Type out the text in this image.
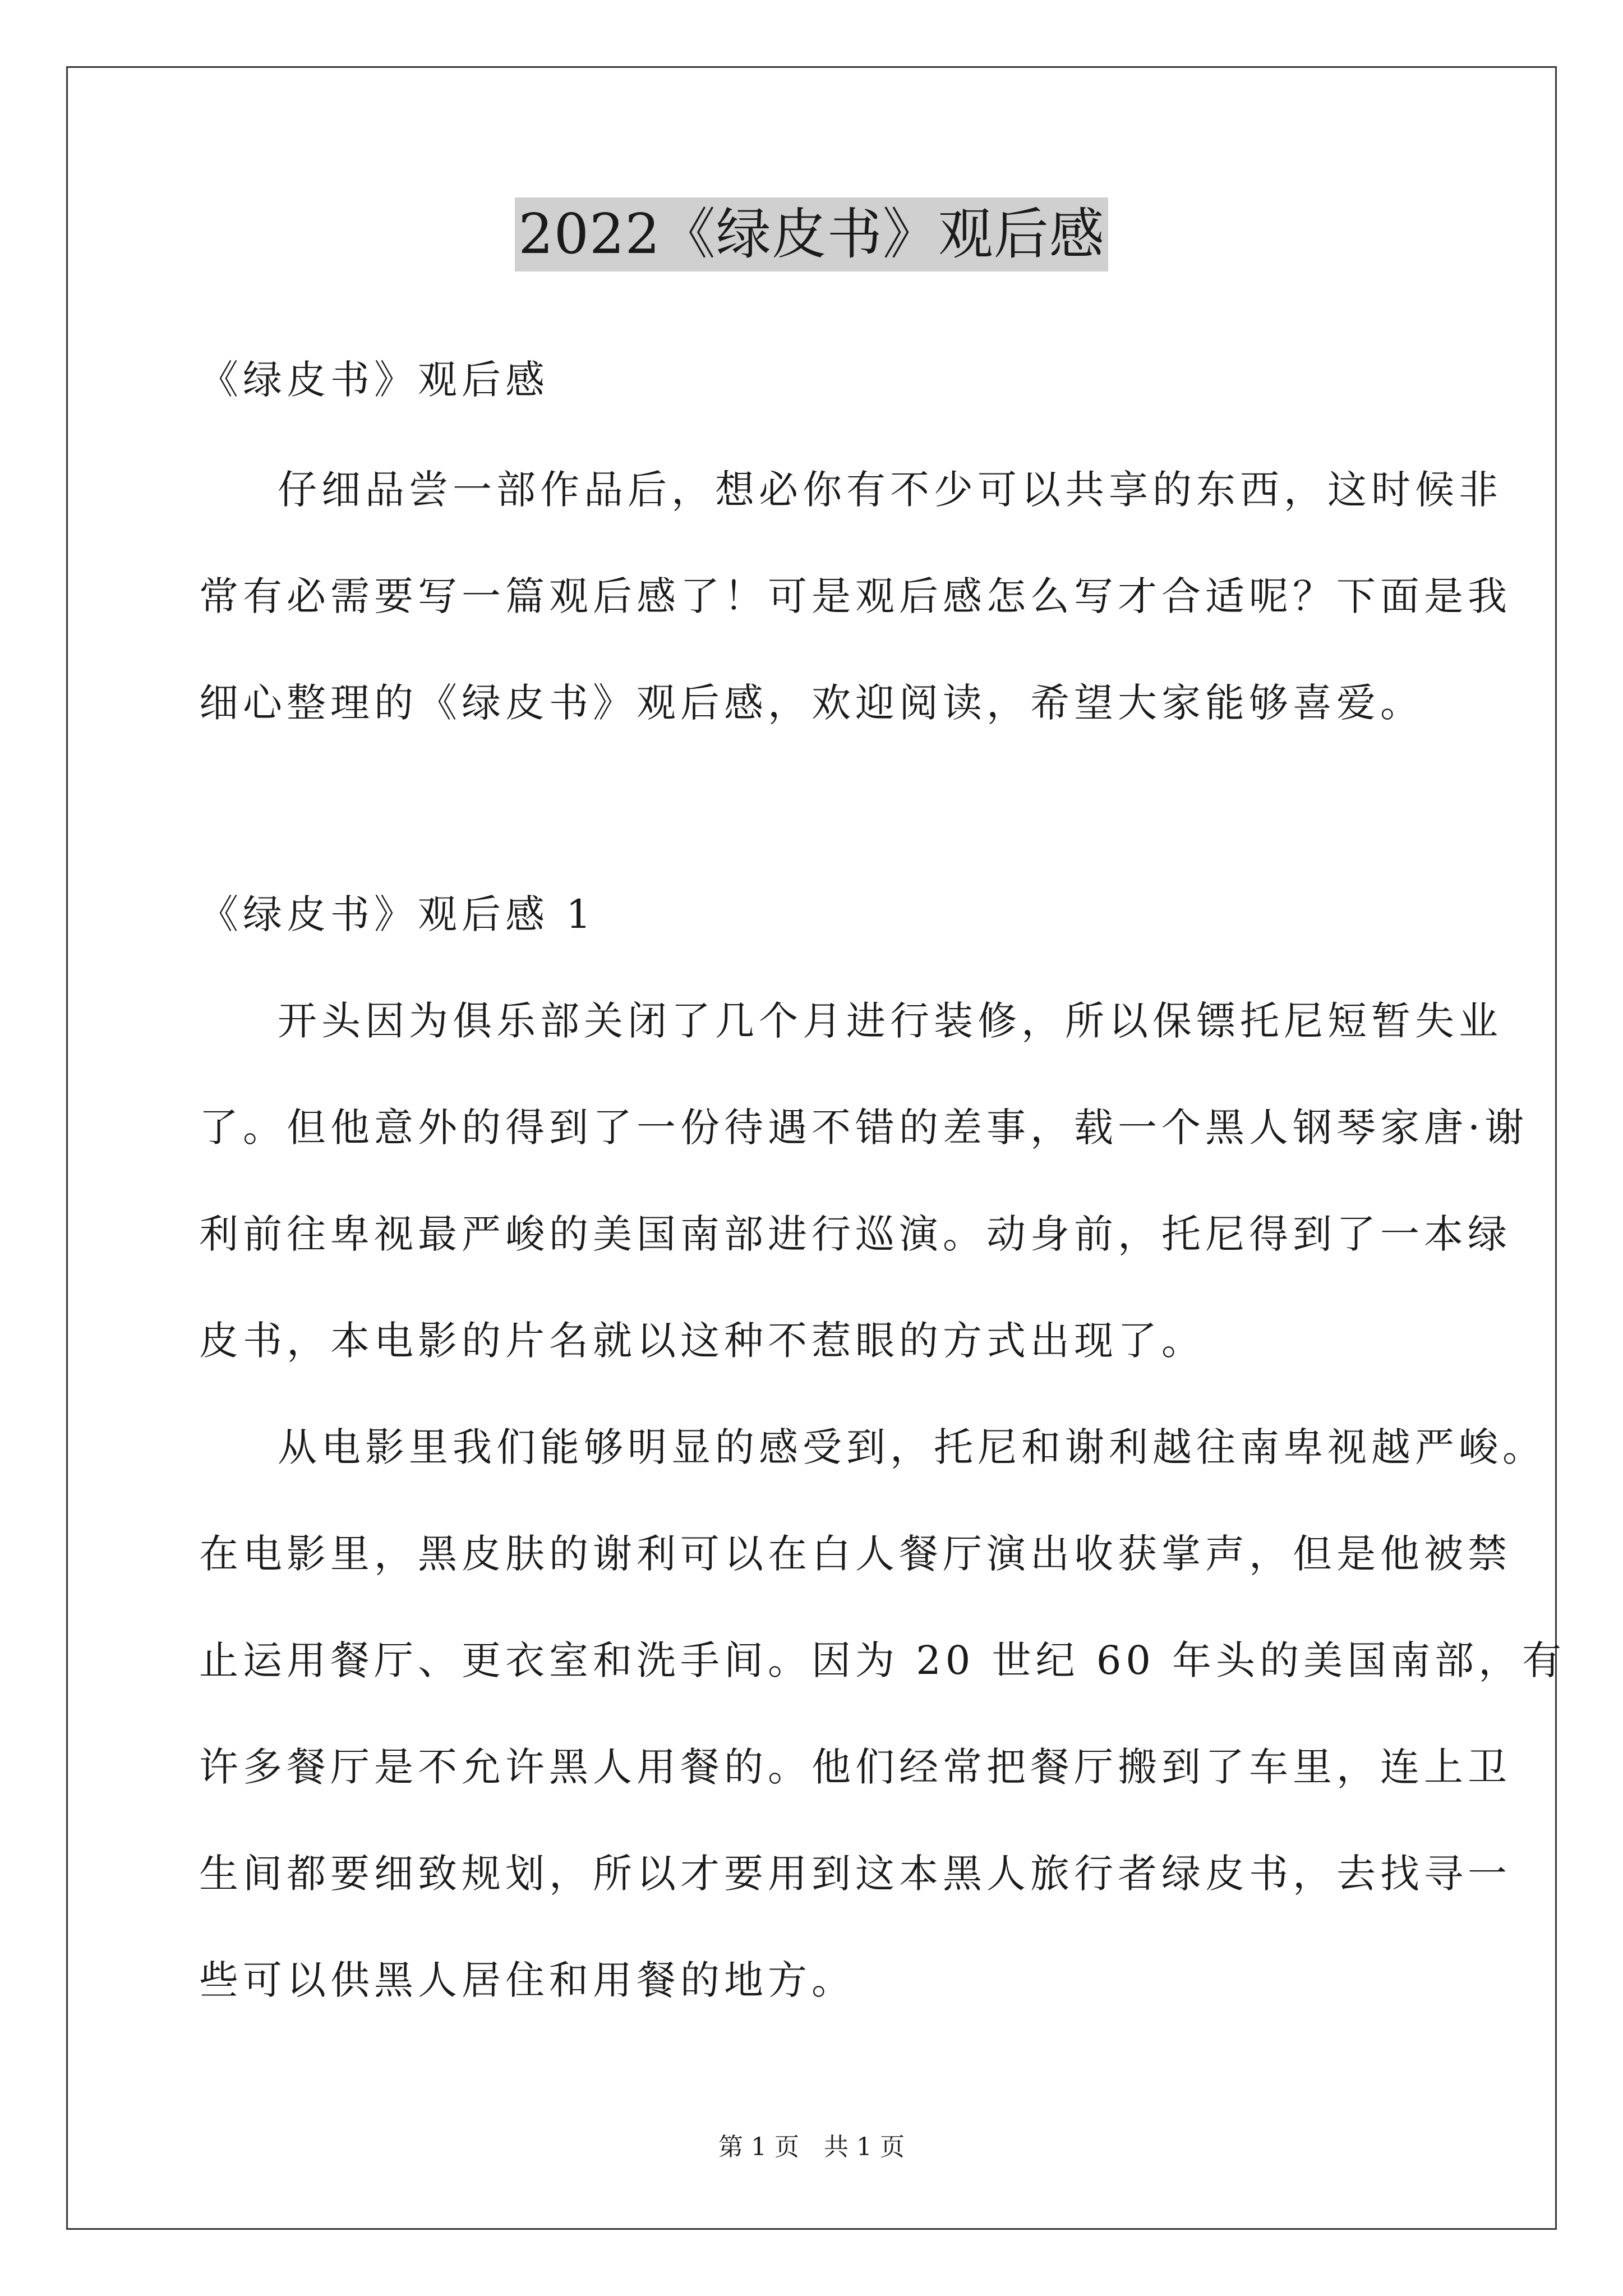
2022《绿皮书》观后感
《绿皮书》观后感
仔细品尝一部作品后，想必你有不少可以共享的东西，这时候非
常有必需要写一篇观后感了！可是观后感怎么写才合适呢？下面是我
细心整理的《绿皮书》观后感，欢迎阅读，希望大家能够喜爱。
《绿皮书》观后感 1
开头因为俱乐部关闭了几个月进行装修，所以保镖托尼短暂失业
了。但他意外的得到了一份待遇不错的差事，载一个黑人钢琴家唐·谢
利前往卑视最严峻的美国南部进行巡演。动身前，托尼得到了一本绿
皮书，本电影的片名就以这种不惹眼的方式出现了。
从电影里我们能够明显的感受到，托尼和谢利越往南卑视越严峻。
在电影里，黑皮肤的谢利可以在白人餐厅演出收获掌声，但是他被禁
止运用餐厅、更衣室和洗手间。因为 20 世纪 60 年头的美国南部，有
许多餐厅是不允许黑人用餐的。他们经常把餐厅搬到了车里，连上卫
生间都要细致规划，所以才要用到这本黑人旅行者绿皮书，去找寻一
些可以供黑人居住和用餐的地方。
第 1 页　共 1 页
